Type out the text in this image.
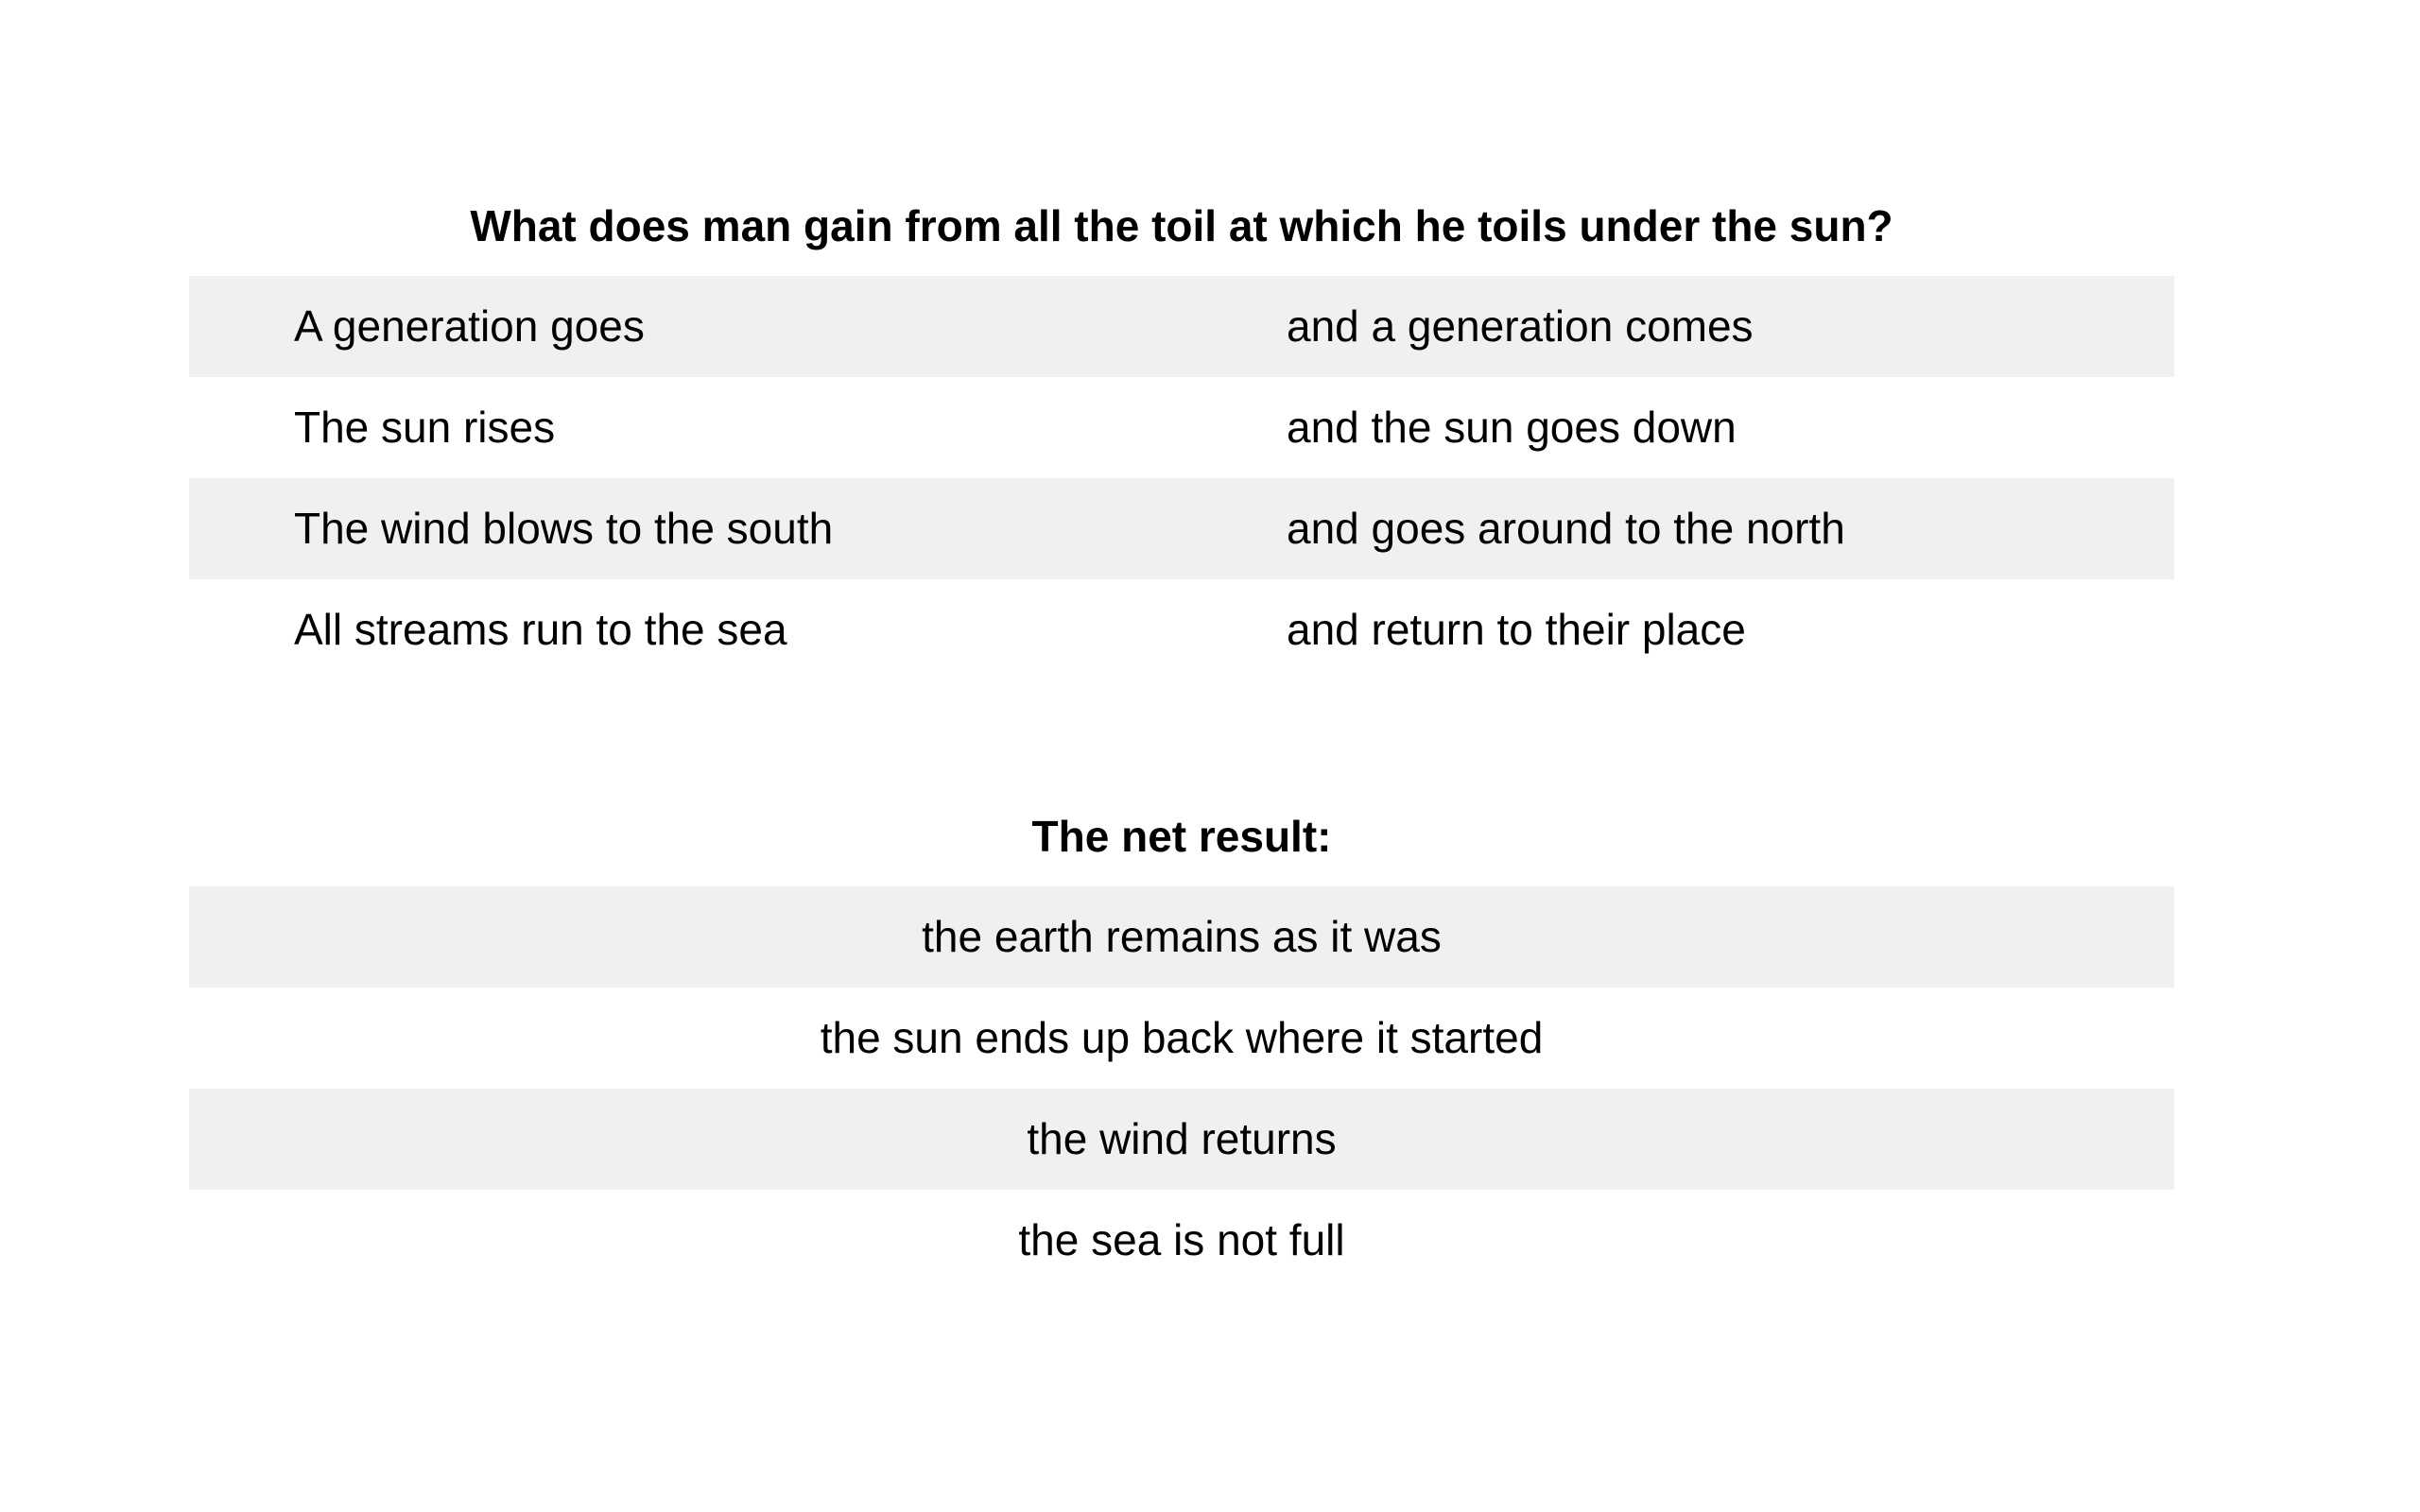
What does man gain from all the toil at which he toils under the sun?
A generation goes	and a generation comes
The sun rises	and the sun goes down
The wind blows to the south	and goes around to the north
All streams run to the sea	and return to their place
The net result:
the earth remains as it was
the sun ends up back where it started
the wind returns
the sea is not full
